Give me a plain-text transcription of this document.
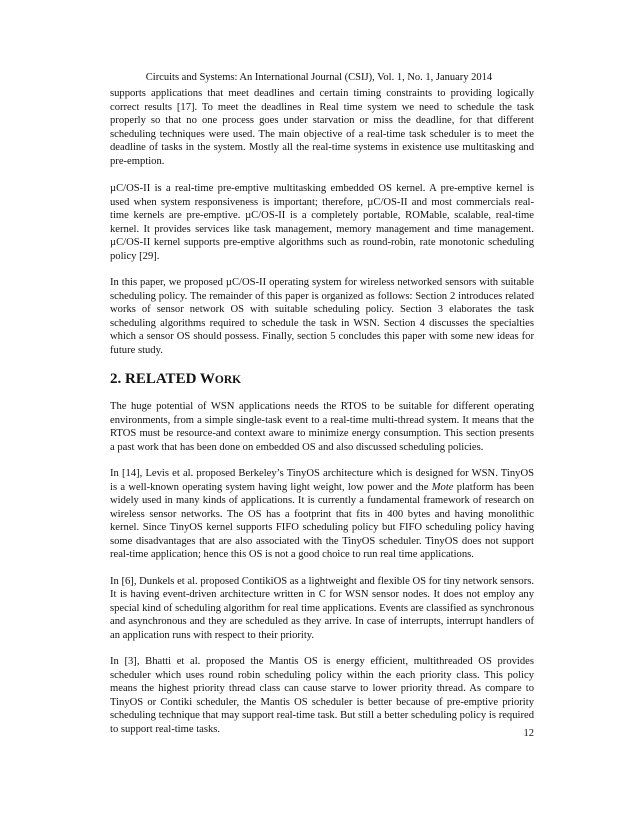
Circuits and Systems: An International Journal (CSIJ), Vol. 1, No. 1, January 2014

supports applications that meet deadlines and certain timing constraints to providing logically correct results [17]. To meet the deadlines in Real time system we need to schedule the task properly so that no one process goes under starvation or miss the deadline, for that different scheduling techniques were used. The main objective of a real-time task scheduler is to meet the deadline of tasks in the system. Mostly all the real-time systems in existence use multitasking and pre-emption.

µC/OS-II is a real-time pre-emptive multitasking embedded OS kernel. A pre-emptive kernel is used when system responsiveness is important; therefore, µC/OS-II and most commercials real-time kernels are pre-emptive. µC/OS-II is a completely portable, ROMable, scalable, real-time kernel. It provides services like task management, memory management and time management. µC/OS-II kernel supports pre-emptive algorithms such as round-robin, rate monotonic scheduling policy [29].

In this paper, we proposed µC/OS-II operating system for wireless networked sensors with suitable scheduling policy. The remainder of this paper is organized as follows: Section 2 introduces related works of sensor network OS with suitable scheduling policy. Section 3 elaborates the task scheduling algorithms required to schedule the task in WSN. Section 4 discusses the specialties which a sensor OS should possess. Finally, section 5 concludes this paper with some new ideas for future study.

2. RELATED WORK

The huge potential of WSN applications needs the RTOS to be suitable for different operating environments, from a simple single-task event to a real-time multi-thread system. It means that the RTOS must be resource-and context aware to minimize energy consumption. This section presents a past work that has been done on embedded OS and also discussed scheduling policies.

In [14], Levis et al. proposed Berkeley’s TinyOS architecture which is designed for WSN. TinyOS is a well-known operating system having light weight, low power and the Mote platform has been widely used in many kinds of applications. It is currently a fundamental framework of research on wireless sensor networks. The OS has a footprint that fits in 400 bytes and having monolithic kernel. Since TinyOS kernel supports FIFO scheduling policy but FIFO scheduling policy having some disadvantages that are also associated with the TinyOS scheduler. TinyOS does not support real-time application; hence this OS is not a good choice to run real time applications.

In [6], Dunkels et al. proposed ContikiOS as a lightweight and flexible OS for tiny network sensors. It is having event-driven architecture written in C for WSN sensor nodes. It does not employ any special kind of scheduling algorithm for real time applications. Events are classified as synchronous and asynchronous and they are scheduled as they arrive. In case of interrupts, interrupt handlers of an application runs with respect to their priority.

In [3], Bhatti et al. proposed the Mantis OS is energy efficient, multithreaded OS provides scheduler which uses round robin scheduling policy within the each priority class. This policy means the highest priority thread class can cause starve to lower priority thread. As compare to TinyOS or Contiki scheduler, the Mantis OS scheduler is better because of pre-emptive priority scheduling technique that may support real-time task. But still a better scheduling policy is required to support real-time tasks.	12
